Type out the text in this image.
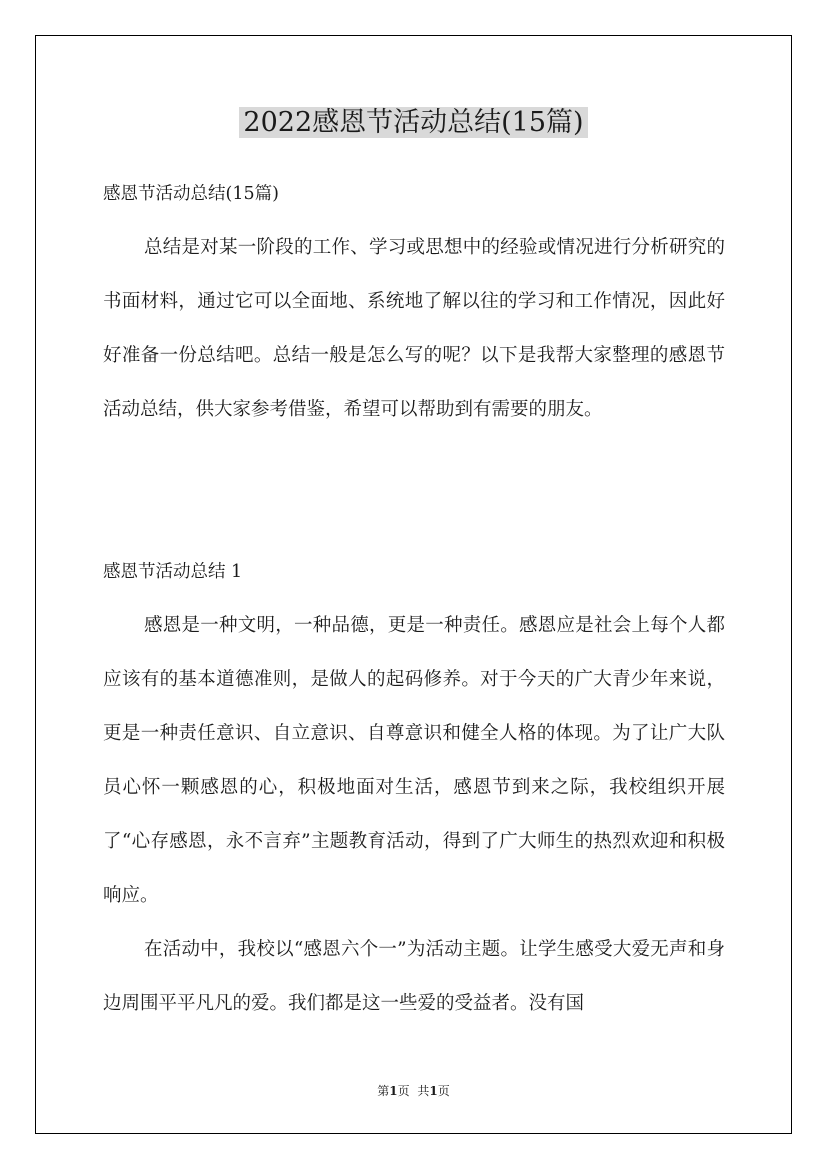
2022感恩节活动总结(15篇)

感恩节活动总结(15篇)

总结是对某一阶段的工作、学习或思想中的经验或情况进行分析研究的书面材料，通过它可以全面地、系统地了解以往的学习和工作情况，因此好好准备一份总结吧。总结一般是怎么写的呢？以下是我帮大家整理的感恩节活动总结，供大家参考借鉴，希望可以帮助到有需要的朋友。

感恩节活动总结 1

感恩是一种文明，一种品德，更是一种责任。感恩应是社会上每个人都应该有的基本道德准则，是做人的起码修养。对于今天的广大青少年来说，更是一种责任意识、自立意识、自尊意识和健全人格的体现。为了让广大队员心怀一颗感恩的心，积极地面对生活，感恩节到来之际，我校组织开展了“心存感恩，永不言弃”主题教育活动，得到了广大师生的热烈欢迎和积极响应。

在活动中，我校以“感恩六个一”为活动主题。让学生感受大爱无声和身边周围平平凡凡的爱。我们都是这一些爱的受益者。没有国

第1页 共1页
